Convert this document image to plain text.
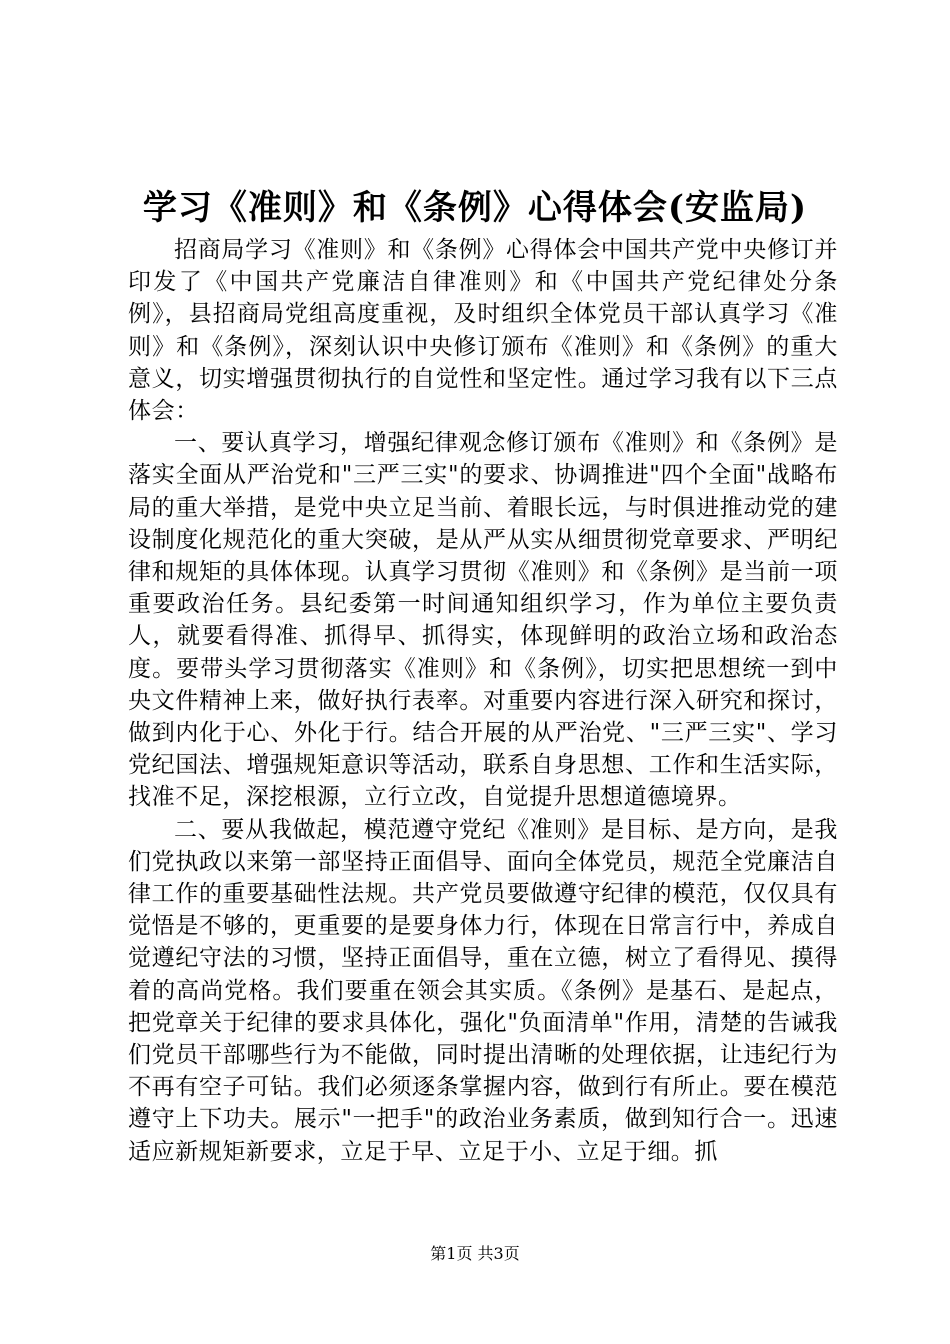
学习《准则》和《条例》心得体会(安监局)

招商局学习《准则》和《条例》心得体会中国共产党中央修订并印发了《中国共产党廉洁自律准则》和《中国共产党纪律处分条例》，县招商局党组高度重视，及时组织全体党员干部认真学习《准则》和《条例》，深刻认识中央修订颁布《准则》和《条例》的重大意义，切实增强贯彻执行的自觉性和坚定性。通过学习我有以下三点体会：

一、要认真学习，增强纪律观念修订颁布《准则》和《条例》是落实全面从严治党和"三严三实"的要求、协调推进"四个全面"战略布局的重大举措，是党中央立足当前、着眼长远，与时俱进推动党的建设制度化规范化的重大突破，是从严从实从细贯彻党章要求、严明纪律和规矩的具体体现。认真学习贯彻《准则》和《条例》是当前一项重要政治任务。县纪委第一时间通知组织学习，作为单位主要负责人，就要看得准、抓得早、抓得实，体现鲜明的政治立场和政治态度。要带头学习贯彻落实《准则》和《条例》，切实把思想统一到中央文件精神上来，做好执行表率。对重要内容进行深入研究和探讨，做到内化于心、外化于行。结合开展的从严治党、"三严三实"、学习党纪国法、增强规矩意识等活动，联系自身思想、工作和生活实际，找准不足，深挖根源，立行立改，自觉提升思想道德境界。

二、要从我做起，模范遵守党纪《准则》是目标、是方向，是我们党执政以来第一部坚持正面倡导、面向全体党员，规范全党廉洁自律工作的重要基础性法规。共产党员要做遵守纪律的模范，仅仅具有觉悟是不够的，更重要的是要身体力行，体现在日常言行中，养成自觉遵纪守法的习惯，坚持正面倡导，重在立德，树立了看得见、摸得着的高尚党格。我们要重在领会其实质。《条例》是基石、是起点，把党章关于纪律的要求具体化，强化"负面清单"作用，清楚的告诫我们党员干部哪些行为不能做，同时提出清晰的处理依据，让违纪行为不再有空子可钻。我们必须逐条掌握内容，做到行有所止。要在模范遵守上下功夫。展示"一把手"的政治业务素质，做到知行合一。迅速适应新规矩新要求，立足于早、立足于小、立足于细。抓

第1页 共3页
